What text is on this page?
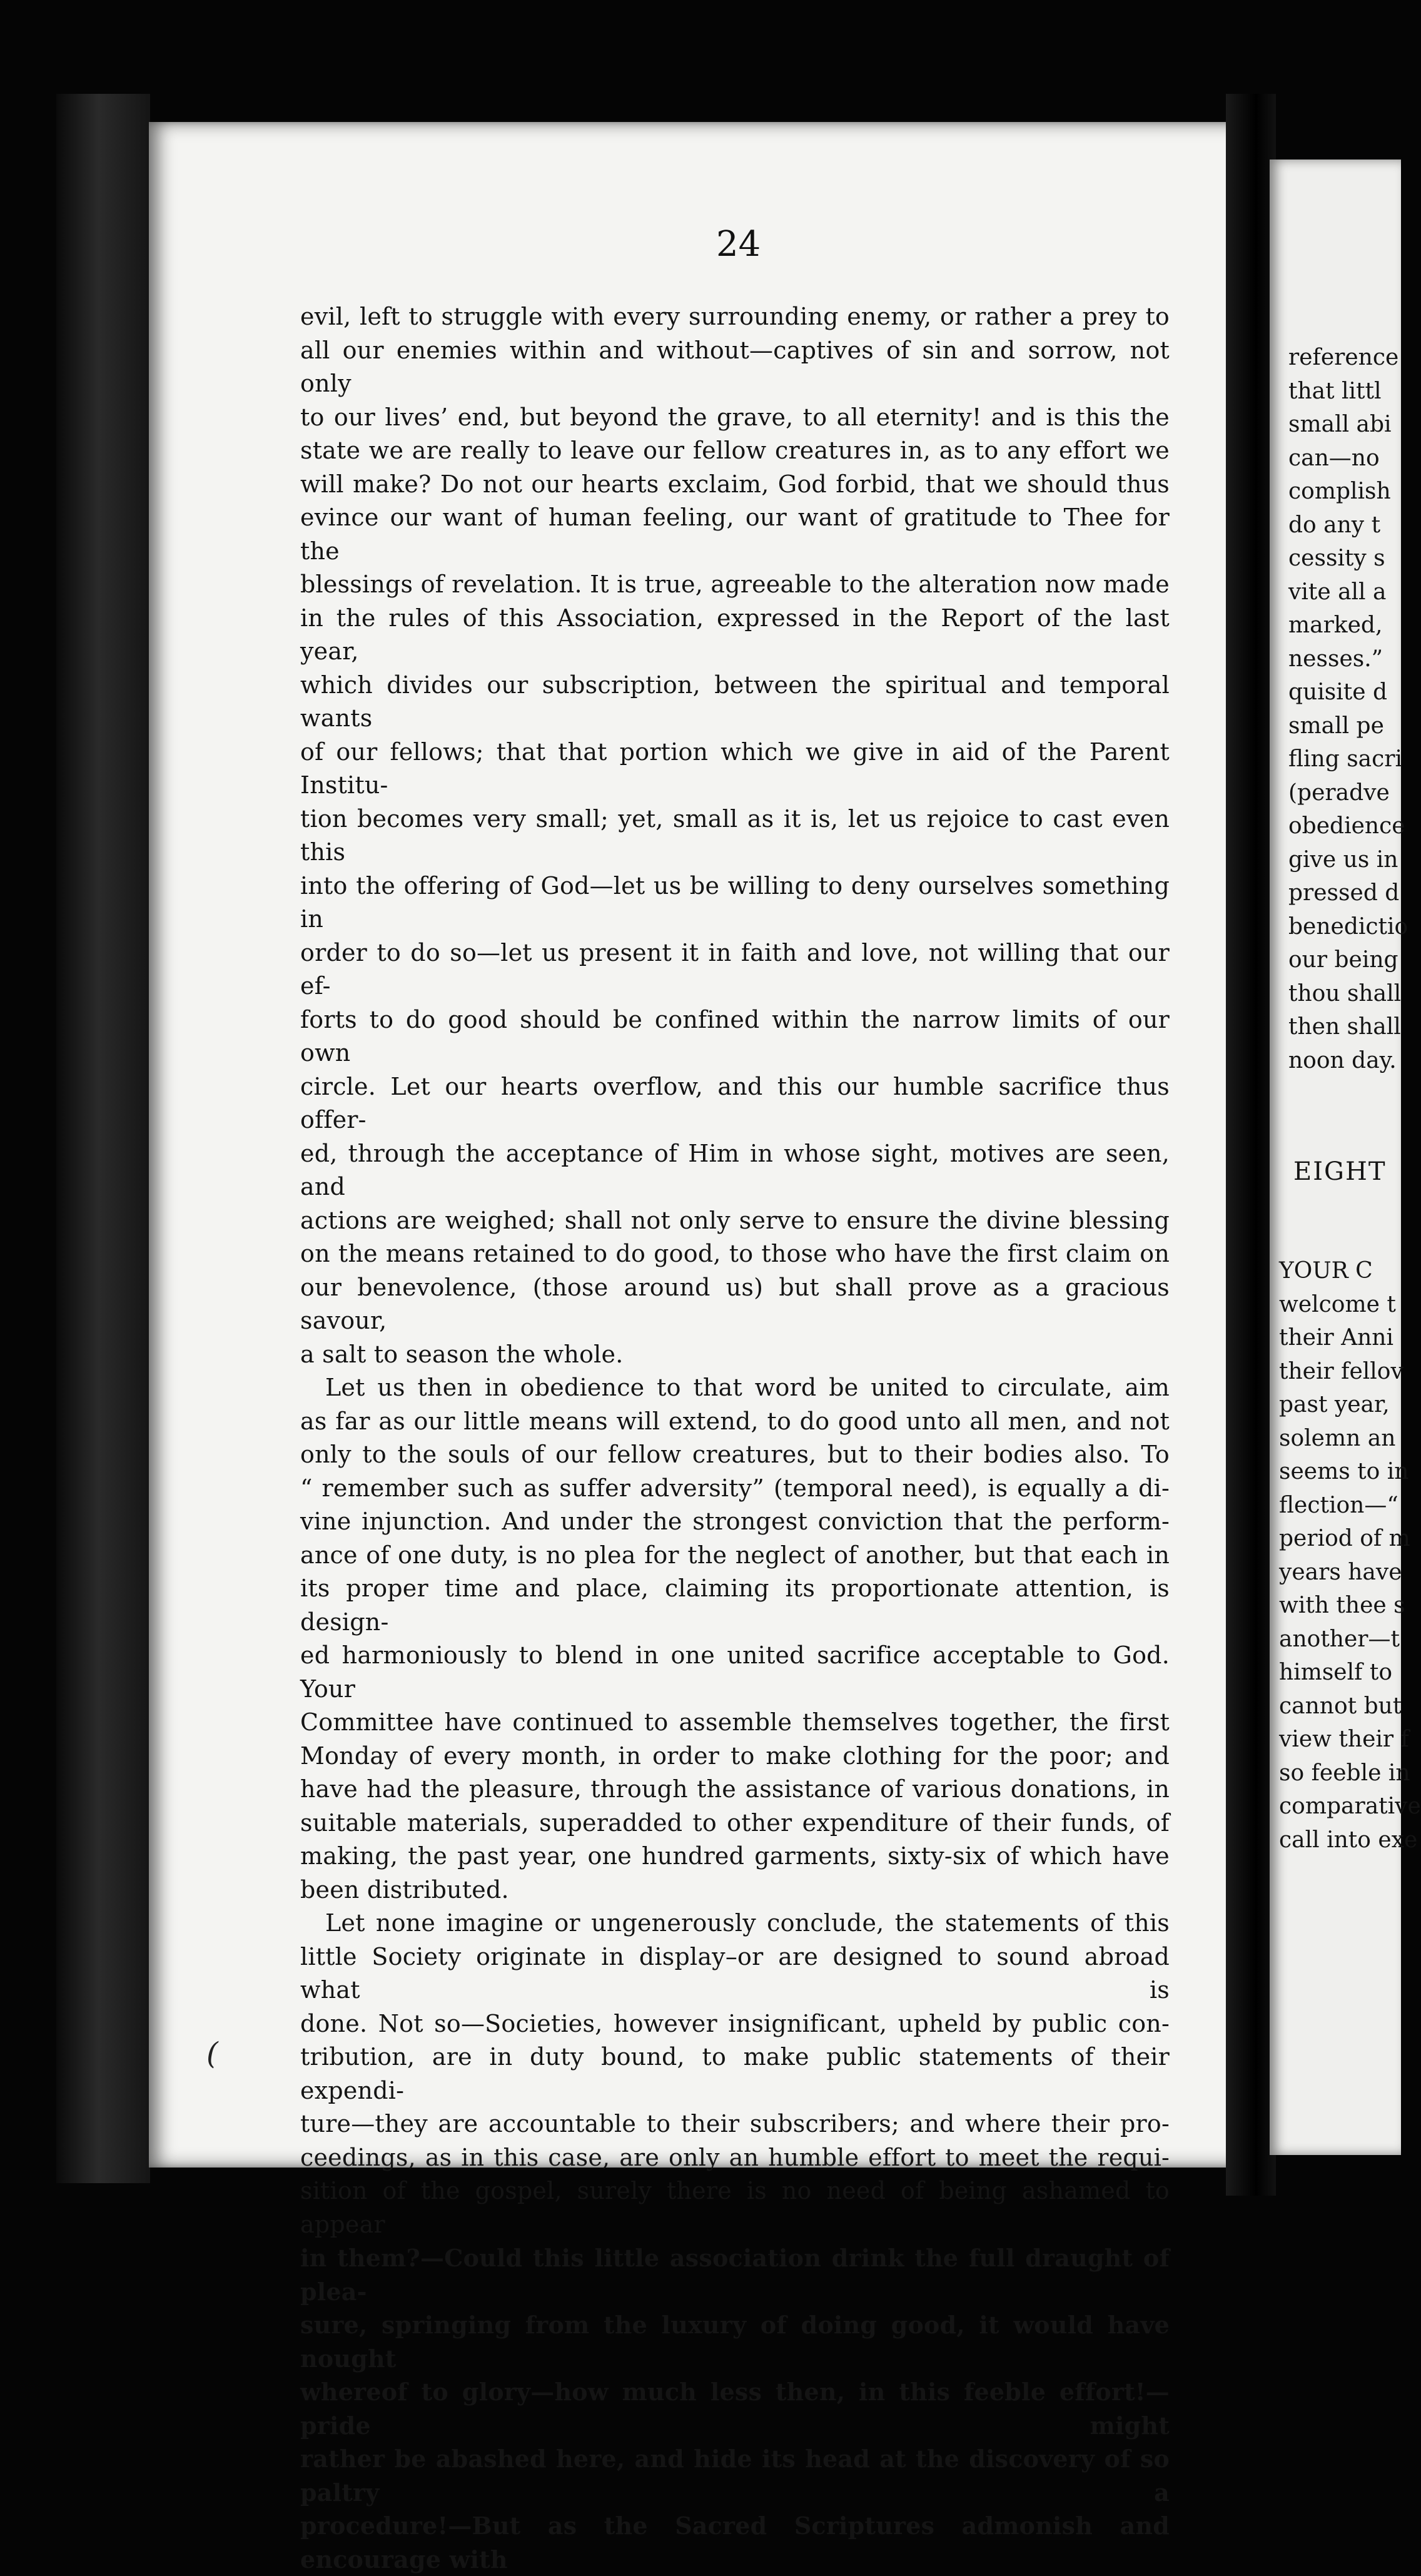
24

evil, left to struggle with every surrounding enemy, or rather a prey to

all our enemies within and without—captives of sin and sorrow, not only

to our lives’ end, but beyond the grave, to all eternity! and is this the

state we are really to leave our fellow creatures in, as to any effort we

will make? Do not our hearts exclaim, God forbid, that we should thus

evince our want of human feeling, our want of gratitude to Thee for the

blessings of revelation. It is true, agreeable to the alteration now made

in the rules of this Association, expressed in the Report of the last year,

which divides our subscription, between the spiritual and temporal wants

of our fellows; that that portion which we give in aid of the Parent Institu-

tion becomes very small; yet, small as it is, let us rejoice to cast even this

into the offering of God—let us be willing to deny ourselves something in

order to do so—let us present it in faith and love, not willing that our ef-

forts to do good should be confined within the narrow limits of our own

circle. Let our hearts overflow, and this our humble sacrifice thus offer-

ed, through the acceptance of Him in whose sight, motives are seen, and

actions are weighed; shall not only serve to ensure the divine blessing

on the means retained to do good, to those who have the first claim on

our benevolence, (those around us) but shall prove as a gracious savour,

a salt to season the whole.

Let us then in obedience to that word be united to circulate, aim

as far as our little means will extend, to do good unto all men, and not

only to the souls of our fellow creatures, but to their bodies also. To

“ remember such as suffer adversity” (temporal need), is equally a di-

vine injunction. And under the strongest conviction that the perform-

ance of one duty, is no plea for the neglect of another, but that each in

its proper time and place, claiming its proportionate attention, is design-

ed harmoniously to blend in one united sacrifice acceptable to God. Your

Committee have continued to assemble themselves together, the first

Monday of every month, in order to make clothing for the poor; and

have had the pleasure, through the assistance of various donations, in

suitable materials, superadded to other expenditure of their funds, of

making, the past year, one hundred garments, sixty-six of which have

been distributed.

Let none imagine or ungenerously conclude, the statements of this

little Society originate in display–or are designed to sound abroad what is

done. Not so—Societies, however insignificant, upheld by public con-

tribution, are in duty bound, to make public statements of their expendi-

ture—they are accountable to their subscribers; and where their pro-

ceedings, as in this case, are only an humble effort to meet the requi-

sition of the gospel, surely there is no need of being ashamed to appear

in them?—Could this little association drink the full draught of plea-

sure, springing from the luxury of doing good, it would have nought

whereof to glory—how much less then, in this feeble effort!—pride might

rather be abashed here, and hide its head at the discovery of so paltry a

procedure!—But as the Sacred Scriptures admonish and encourage with

reference
that littl
small abi
can—no
complish
do any t
cessity s
vite all a
marked,
nesses.”
quisite d
small pe
fling sacri
(peradve
obedience
give us in
pressed d
benedictio
our being
thou shall
then shall
noon day.
EIGHT
YOUR C
welcome t
their Anni
their fellov
past year,
solemn an
seems to in
flection—“
period of m
years have
with thee s
another—t
himself to
cannot but
view their f
so feeble in
comparative
call into exe
(
